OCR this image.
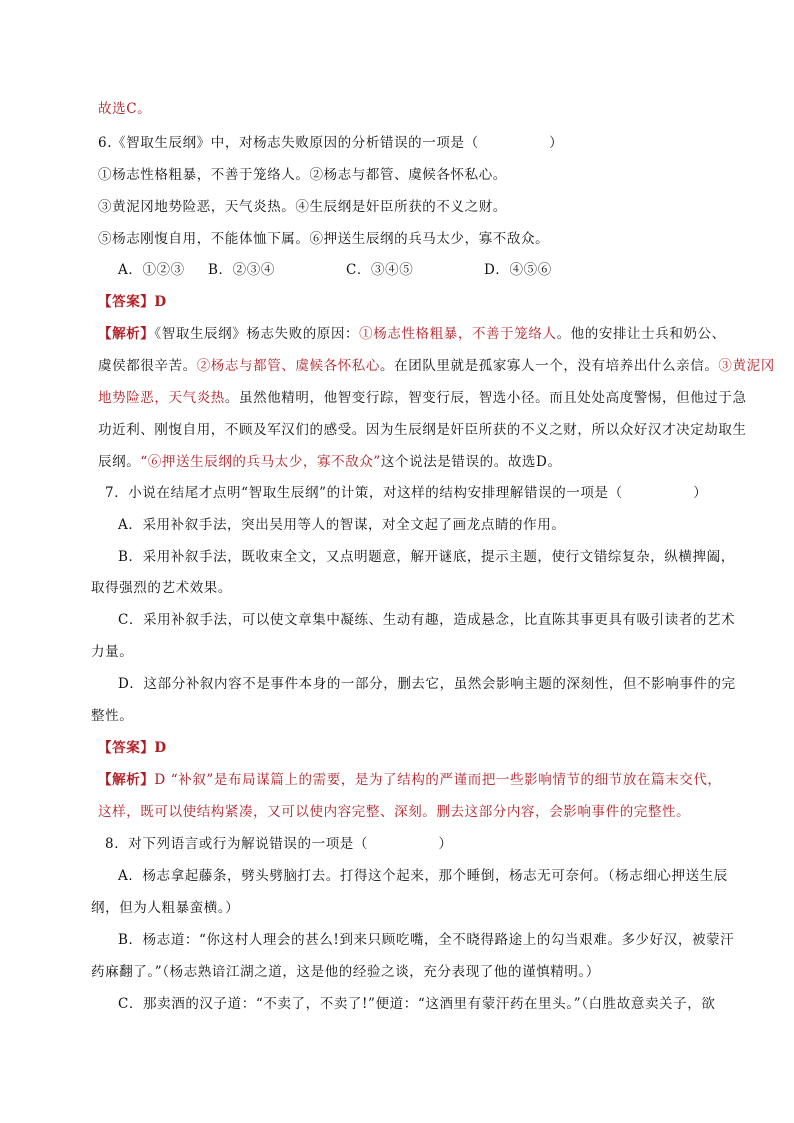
故选C。
6.《智取生辰纲》中，对杨志失败原因的分析错误的一项是（　　　　　）
①杨志性格粗暴，不善于笼络人。②杨志与都管、虞候各怀私心。
③黄泥冈地势险恶，天气炎热。④生辰纲是奸臣所获的不义之财。
⑤杨志刚愎自用，不能体恤下属。⑥押送生辰纲的兵马太少，寡不敌众。
A．①②③ B．②③④	C．③④⑤	D．④⑤⑥
【答案】D
【解析】《智取生辰纲》杨志失败的原因：①杨志性格粗暴，不善于笼络人。他的安排让士兵和奶公、
虞侯都很辛苦。②杨志与都管、虞候各怀私心。在团队里就是孤家寡人一个，没有培养出什么亲信。③黄泥冈
地势险恶，天气炎热。虽然他精明，他智变行踪，智变行辰，智选小径。而且处处高度警惕，但他过于急
功近利、刚愎自用，不顾及军汉们的感受。因为生辰纲是奸臣所获的不义之财，所以众好汉才决定劫取生
辰纲。“⑥押送生辰纲的兵马太少，寡不敌众”这个说法是错误的。故选D。
7．小说在结尾才点明“智取生辰纲”的计策，对这样的结构安排理解错误的一项是（　　　　　）
A．采用补叙手法，突出吴用等人的智谋，对全文起了画龙点睛的作用。
B．采用补叙手法，既收束全文，又点明题意，解开谜底，提示主题，使行文错综复杂，纵横捭阖，
取得强烈的艺术效果。
C．采用补叙手法，可以使文章集中凝练、生动有趣，造成悬念，比直陈其事更具有吸引读者的艺术
力量。
D．这部分补叙内容不是事件本身的一部分，删去它，虽然会影响主题的深刻性，但不影响事件的完
整性。
【答案】D
【解析】D “补叙”是布局谋篇上的需要，是为了结构的严谨而把一些影响情节的细节放在篇末交代，
这样，既可以使结构紧凑，又可以使内容完整、深刻。删去这部分内容，会影响事件的完整性。
8．对下列语言或行为解说错误的一项是（　　　　　）
A．杨志拿起藤条，劈头劈脑打去。打得这个起来，那个睡倒，杨志无可奈何。（杨志细心押送生辰
纲，但为人粗暴蛮横。）
B．杨志道：“你这村人理会的甚么!到来只顾吃嘴，全不晓得路途上的勾当艰难。多少好汉，被蒙汗
药麻翻了。”（杨志熟谙江湖之道，这是他的经验之谈，充分表现了他的谨慎精明。）
C．那卖酒的汉子道：“不卖了，不卖了!”便道：“这酒里有蒙汗药在里头。”（白胜故意卖关子，欲
